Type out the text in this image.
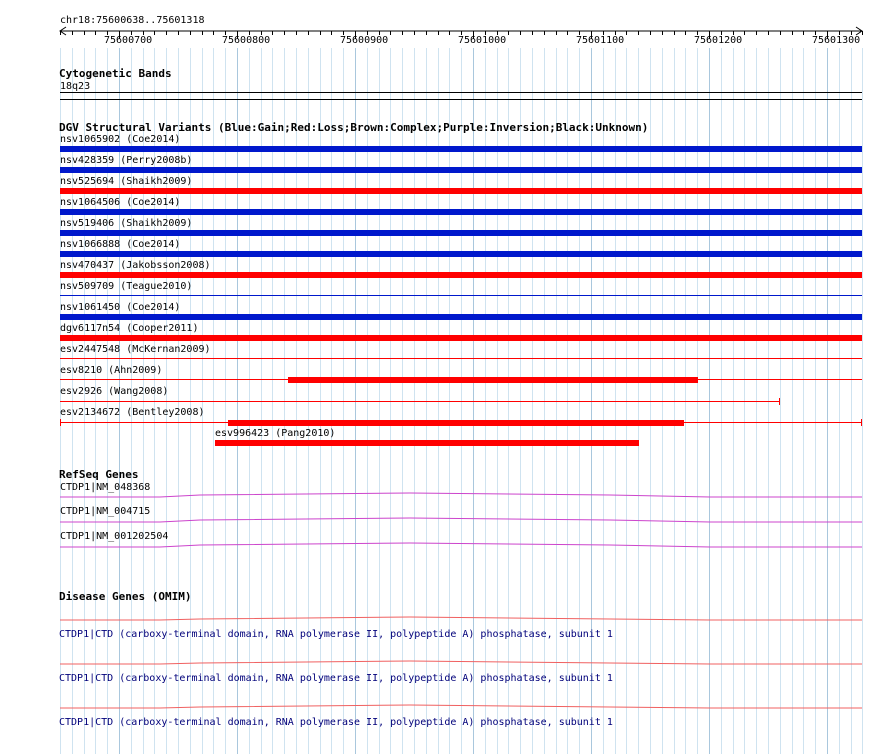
chr18:75600638..75601318
75600700	75600800	75600900	75601000	75601100	75601200	75601300
Cytogenetic Bands
18q23
DGV Structural Variants (Blue:Gain;Red:Loss;Brown:Complex;Purple:Inversion;Black:Unknown)
nsv1065902 (Coe2014)
nsv428359 (Perry2008b)
nsv525694 (Shaikh2009)
nsv1064506 (Coe2014)
nsv519406 (Shaikh2009)
nsv1066888 (Coe2014)
nsv470437 (Jakobsson2008)
nsv509709 (Teague2010)
nsv1061450 (Coe2014)
dgv6117n54 (Cooper2011)
esv2447548 (McKernan2009)
esv8210 (Ahn2009)
esv2926 (Wang2008)
esv2134672 (Bentley2008)
esv996423 (Pang2010)
RefSeq Genes
CTDP1|NM_048368
CTDP1|NM_004715
CTDP1|NM_001202504
Disease Genes (OMIM)
CTDP1|CTD (carboxy-terminal domain, RNA polymerase II, polypeptide A) phosphatase, subunit 1
CTDP1|CTD (carboxy-terminal domain, RNA polymerase II, polypeptide A) phosphatase, subunit 1
CTDP1|CTD (carboxy-terminal domain, RNA polymerase II, polypeptide A) phosphatase, subunit 1
